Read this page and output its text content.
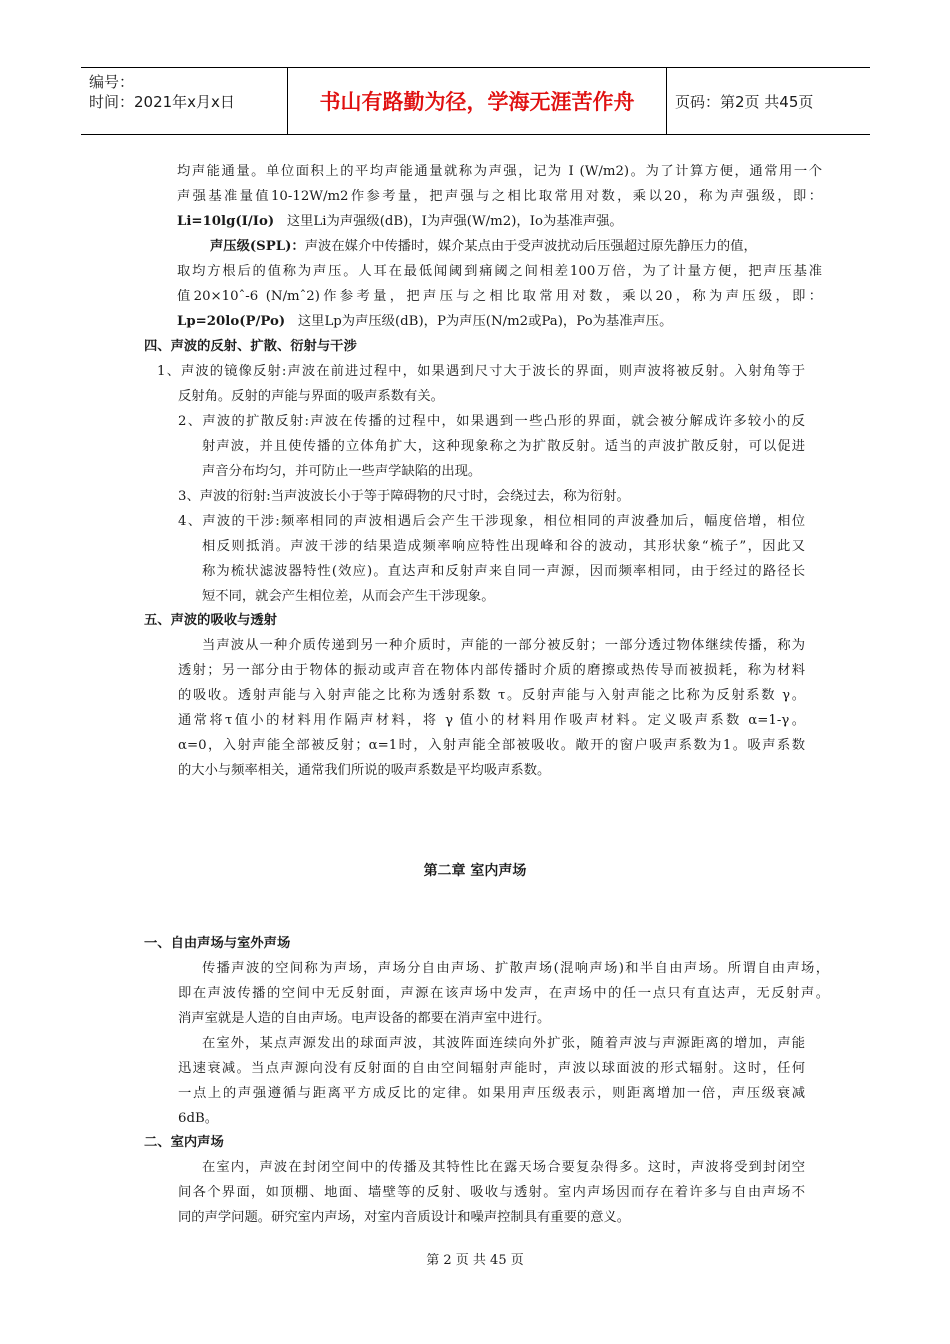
编号：
时间：2021年x月x日	书山有路勤为径，学海无涯苦作舟	页码：第2页 共45页
均声能通量。单位面积上的平均声能通量就称为声强，记为 I (W/m2)。为了计算方便，通常用一个
声强基准量值10-12W/m2作参考量，把声强与之相比取常用对数，乘以20，称为声强级，即：
Li=10lg(I/Io) 这里Li为声强级(dB)，I为声强(W/m2)，Io为基准声强。
声压级(SPL)：声波在媒介中传播时，媒介某点由于受声波扰动后压强超过原先静压力的值，
取均方根后的值称为声压。人耳在最低闻阈到痛阈之间相差100万倍，为了计量方便，把声压基准
值20×10ˆ-6 (N/mˆ2)作参考量，把声压与之相比取常用对数，乘以20，称为声压级，即：
Lp=20lo(P/Po) 这里Lp为声压级(dB)，P为声压(N/m2或Pa)，Po为基准声压。
四、声波的反射、扩散、衍射与干涉
1、声波的镜像反射:声波在前进过程中，如果遇到尺寸大于波长的界面，则声波将被反射。入射角等于
反射角。反射的声能与界面的吸声系数有关。
2、声波的扩散反射:声波在传播的过程中，如果遇到一些凸形的界面，就会被分解成许多较小的反
射声波，并且使传播的立体角扩大，这种现象称之为扩散反射。适当的声波扩散反射，可以促进
声音分布均匀，并可防止一些声学缺陷的出现。
3、声波的衍射:当声波波长小于等于障碍物的尺寸时，会绕过去，称为衍射。
4、声波的干涉:频率相同的声波相遇后会产生干涉现象，相位相同的声波叠加后，幅度倍增，相位
相反则抵消。声波干涉的结果造成频率响应特性出现峰和谷的波动，其形状象“梳子”，因此又
称为梳状滤波器特性(效应)。直达声和反射声来自同一声源，因而频率相同，由于经过的路径长
短不同，就会产生相位差，从而会产生干涉现象。
五、声波的吸收与透射
当声波从一种介质传递到另一种介质时，声能的一部分被反射；一部分透过物体继续传播，称为
透射；另一部分由于物体的振动或声音在物体内部传播时介质的磨擦或热传导而被损耗，称为材料
的吸收。透射声能与入射声能之比称为透射系数 τ。反射声能与入射声能之比称为反射系数 γ。
通常将τ值小的材料用作隔声材料，将 γ 值小的材料用作吸声材料。定义吸声系数 α=1-γ。
α=0，入射声能全部被反射；α=1时，入射声能全部被吸收。敞开的窗户吸声系数为1。吸声系数
的大小与频率相关，通常我们所说的吸声系数是平均吸声系数。
第二章 室内声场
一、自由声场与室外声场
传播声波的空间称为声场，声场分自由声场、扩散声场(混响声场)和半自由声场。所谓自由声场，
即在声波传播的空间中无反射面，声源在该声场中发声，在声场中的任一点只有直达声，无反射声。
消声室就是人造的自由声场。电声设备的都要在消声室中进行。
在室外，某点声源发出的球面声波，其波阵面连续向外扩张，随着声波与声源距离的增加，声能
迅速衰减。当点声源向没有反射面的自由空间辐射声能时，声波以球面波的形式辐射。这时，任何
一点上的声强遵循与距离平方成反比的定律。如果用声压级表示，则距离增加一倍，声压级衰减
6dB。
二、室内声场
在室内，声波在封闭空间中的传播及其特性比在露天场合要复杂得多。这时，声波将受到封闭空
间各个界面，如顶棚、地面、墙壁等的反射、吸收与透射。室内声场因而存在着许多与自由声场不
同的声学问题。研究室内声场，对室内音质设计和噪声控制具有重要的意义。
第 2 页 共 45 页
